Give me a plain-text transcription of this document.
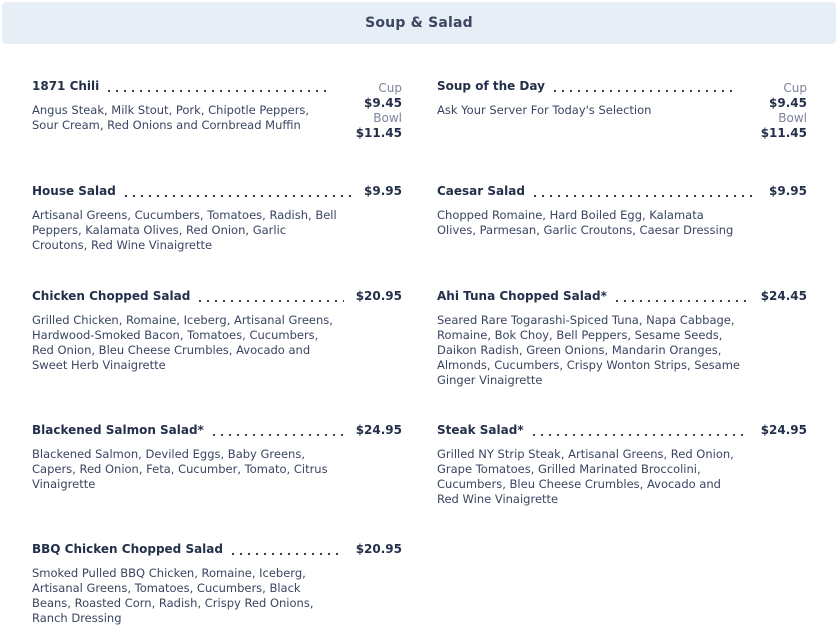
Soup & Salad
1871 Chili	Cup
$9.45
Bowl
$11.45
Angus Steak, Milk Stout, Pork, Chipotle Peppers, Sour Cream, Red Onions and Cornbread Muffin
Soup of the Day	Cup
$9.45
Bowl
$11.45
Ask Your Server For Today's Selection
House Salad	$9.95
Artisanal Greens, Cucumbers, Tomatoes, Radish, Bell Peppers, Kalamata Olives, Red Onion, Garlic Croutons, Red Wine Vinaigrette
Caesar Salad	$9.95
Chopped Romaine, Hard Boiled Egg, Kalamata Olives, Parmesan, Garlic Croutons, Caesar Dressing
Chicken Chopped Salad	$20.95
Grilled Chicken, Romaine, Iceberg, Artisanal Greens, Hardwood-Smoked Bacon, Tomatoes, Cucumbers, Red Onion, Bleu Cheese Crumbles, Avocado and Sweet Herb Vinaigrette
Ahi Tuna Chopped Salad*	$24.45
Seared Rare Togarashi-Spiced Tuna, Napa Cabbage, Romaine, Bok Choy, Bell Peppers, Sesame Seeds, Daikon Radish, Green Onions, Mandarin Oranges, Almonds, Cucumbers, Crispy Wonton Strips, Sesame Ginger Vinaigrette
Blackened Salmon Salad*	$24.95
Blackened Salmon, Deviled Eggs, Baby Greens, Capers, Red Onion, Feta, Cucumber, Tomato, Citrus Vinaigrette
Steak Salad*	$24.95
Grilled NY Strip Steak, Artisanal Greens, Red Onion, Grape Tomatoes, Grilled Marinated Broccolini, Cucumbers, Bleu Cheese Crumbles, Avocado and Red Wine Vinaigrette
BBQ Chicken Chopped Salad	$20.95
Smoked Pulled BBQ Chicken, Romaine, Iceberg, Artisanal Greens, Tomatoes, Cucumbers, Black Beans, Roasted Corn, Radish, Crispy Red Onions, Ranch Dressing
